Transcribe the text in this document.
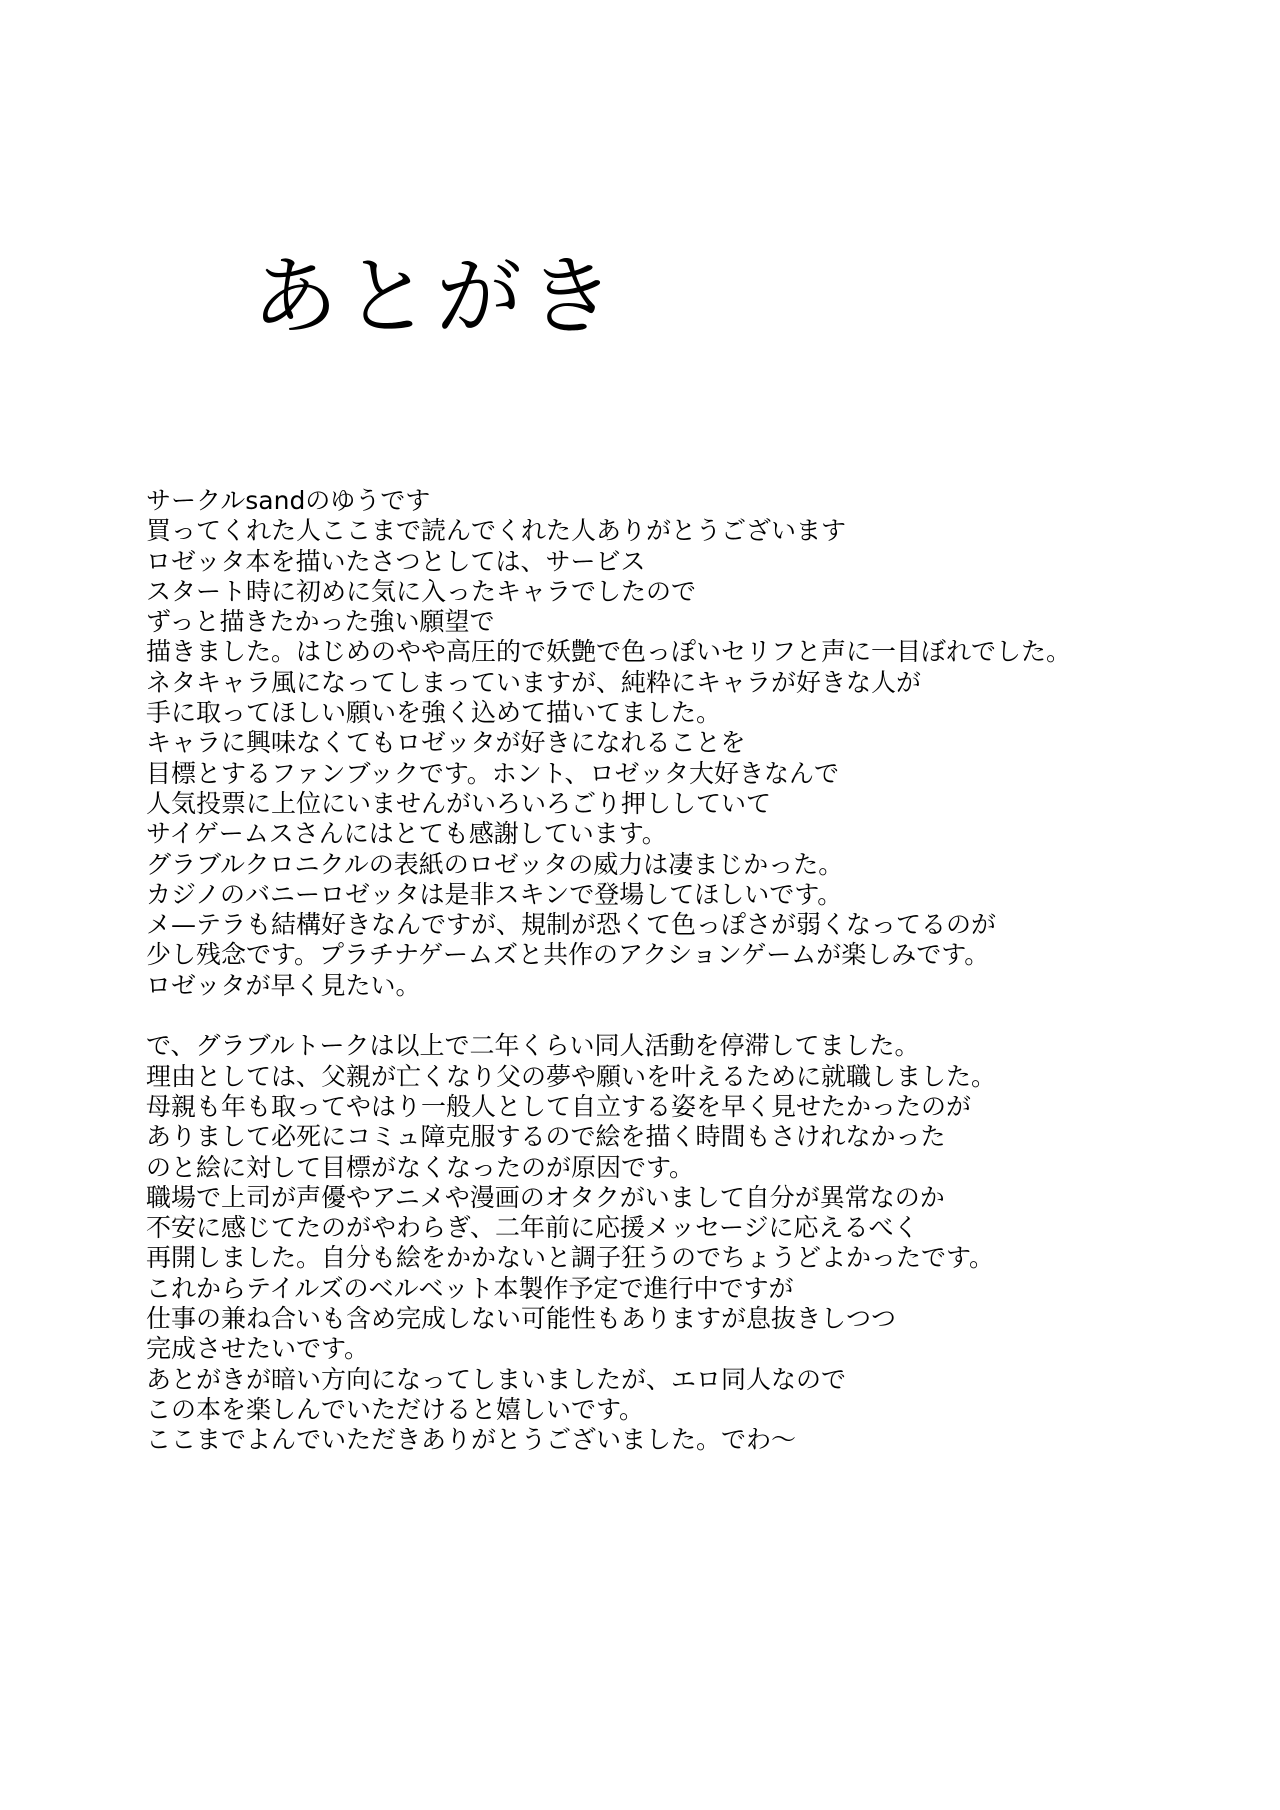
あとがき
サークルsandのゆうです
買ってくれた人ここまで読んでくれた人ありがとうございます
ロゼッタ本を描いたさつとしては、サービス
スタート時に初めに気に入ったキャラでしたので
ずっと描きたかった強い願望で
描きました。はじめのやや高圧的で妖艶で色っぽいセリフと声に一目ぼれでした。
ネタキャラ風になってしまっていますが、純粋にキャラが好きな人が
手に取ってほしい願いを強く込めて描いてました。
キャラに興味なくてもロゼッタが好きになれることを
目標とするファンブックです。ホント、ロゼッタ大好きなんで
人気投票に上位にいませんがいろいろごり押ししていて
サイゲームスさんにはとても感謝しています。
グラブルクロニクルの表紙のロゼッタの威力は凄まじかった。
カジノのバニーロゼッタは是非スキンで登場してほしいです。
メ—テラも結構好きなんですが、規制が恐くて色っぽさが弱くなってるのが
少し残念です。プラチナゲームズと共作のアクションゲームが楽しみです。
ロゼッタが早く見たい。
で、グラブルトークは以上で二年くらい同人活動を停滞してました。
理由としては、父親が亡くなり父の夢や願いを叶えるために就職しました。
母親も年も取ってやはり一般人として自立する姿を早く見せたかったのが
ありまして必死にコミュ障克服するので絵を描く時間もさけれなかった
のと絵に対して目標がなくなったのが原因です。
職場で上司が声優やアニメや漫画のオタクがいまして自分が異常なのか
不安に感じてたのがやわらぎ、二年前に応援メッセージに応えるべく
再開しました。自分も絵をかかないと調子狂うのでちょうどよかったです。
これからテイルズのベルベット本製作予定で進行中ですが
仕事の兼ね合いも含め完成しない可能性もありますが息抜きしつつ
完成させたいです。
あとがきが暗い方向になってしまいましたが、エロ同人なので
この本を楽しんでいただけると嬉しいです。
ここまでよんでいただきありがとうございました。でわ〜
